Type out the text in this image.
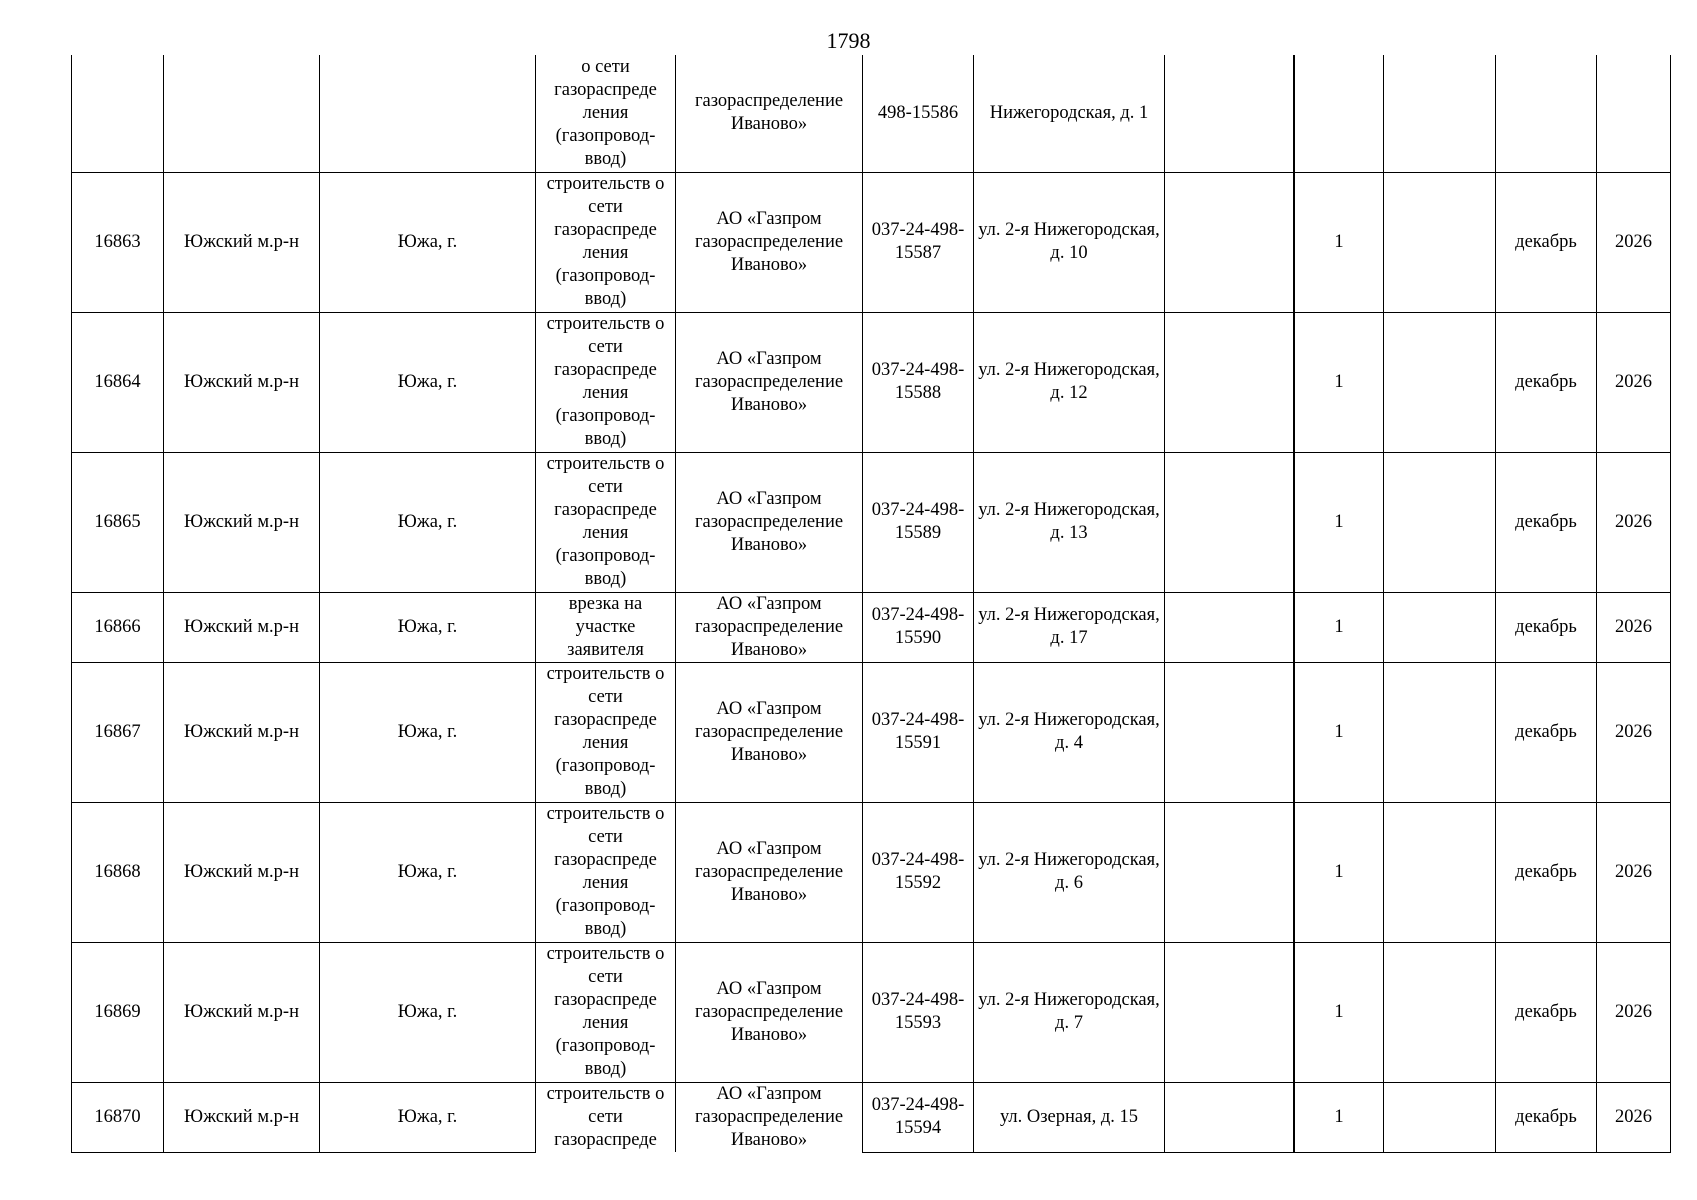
1798
			о сети газораспреде ления (газопровод-ввод)	газораспределение Иваново»	498-15586	Нижегородская, д. 1						
16863	Южский м.р-н	Южа, г.	строительств о сети газораспреде ления (газопровод-ввод)	АО «Газпром газораспределение Иваново»	037-24-498-15587	ул. 2-я Нижегородская, д. 10			1		декабрь	2026
16864	Южский м.р-н	Южа, г.	строительств о сети газораспреде ления (газопровод-ввод)	АО «Газпром газораспределение Иваново»	037-24-498-15588	ул. 2-я Нижегородская, д. 12			1		декабрь	2026
16865	Южский м.р-н	Южа, г.	строительств о сети газораспреде ления (газопровод-ввод)	АО «Газпром газораспределение Иваново»	037-24-498-15589	ул. 2-я Нижегородская, д. 13			1		декабрь	2026
16866	Южский м.р-н	Южа, г.	врезка на участке заявителя	АО «Газпром газораспределение Иваново»	037-24-498-15590	ул. 2-я Нижегородская, д. 17			1		декабрь	2026
16867	Южский м.р-н	Южа, г.	строительств о сети газораспреде ления (газопровод-ввод)	АО «Газпром газораспределение Иваново»	037-24-498-15591	ул. 2-я Нижегородская, д. 4			1		декабрь	2026
16868	Южский м.р-н	Южа, г.	строительств о сети газораспреде ления (газопровод-ввод)	АО «Газпром газораспределение Иваново»	037-24-498-15592	ул. 2-я Нижегородская, д. 6			1		декабрь	2026
16869	Южский м.р-н	Южа, г.	строительств о сети газораспреде ления (газопровод-ввод)	АО «Газпром газораспределение Иваново»	037-24-498-15593	ул. 2-я Нижегородская, д. 7			1		декабрь	2026
16870	Южский м.р-н	Южа, г.	строительств о сети газораспреде	АО «Газпром газораспределение Иваново»	037-24-498-15594	ул. Озерная, д. 15			1		декабрь	2026
